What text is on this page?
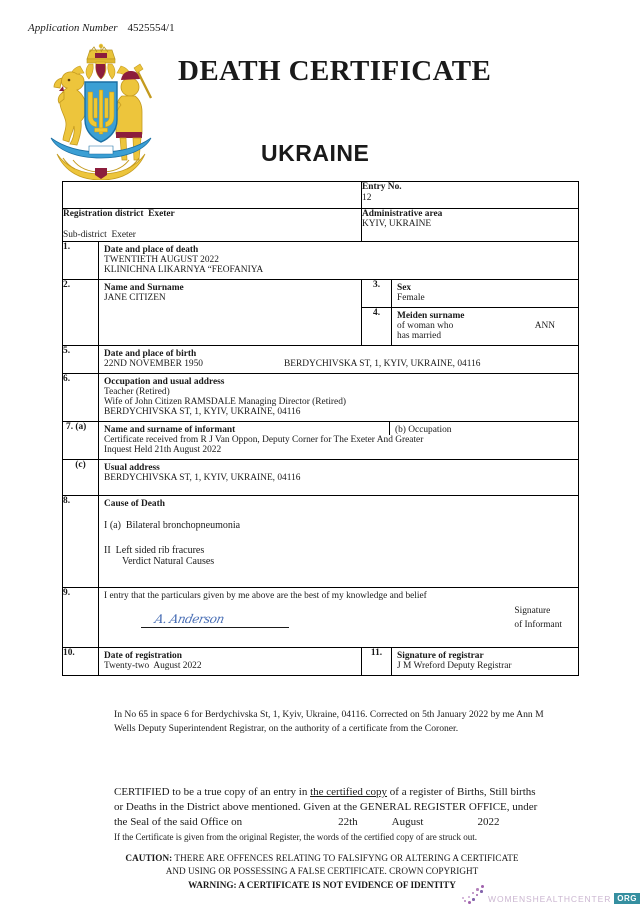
Application Number 4525554/1
DEATH CERTIFICATE
UKRAINE

		Entry No.
12	

Registration district Exeter
Sub-district Exeter

Administrative area
KYIV, UKRAINE

1.	Date and place of death
TWENTIETH AUGUST 2022
KLINICHNA LIKARNYA “FEOFANIYA		

2.	Name and Surname
JANE CITIZEN	3.	Sex
Female

		4.	Meiden surname
of woman who ANN
has married

5.	Date and place of birth
22ND NOVEMBER 1950 BERDYCHIVSKA ST, 1, KYIV, UKRAINE, 04116		

6.	Occupation and usual address
Teacher (Retired)
Wife of John Citizen RAMSDALE Managing Director (Retired)
BERDYCHIVSKA ST, 1, KYIV, UKRAINE, 04116		

7. (a)	Name and surname of informant (b) Occupation
Certificate received from R J Van Oppon, Deputy Corner for The Exeter And Greater
Inquest Held 21th August 2022		

(c)	Usual address
BERDYCHIVSKA ST, 1, KYIV, UKRAINE, 04116		

8.	Cause of Death
I (a)  Bilateral bronchopneumonia
II  Left sided rib fracures
Verdict Natural Causes		

9.	I entry that the particulars given by me above are the best of my knowledge and belief
A. Anderson
Signature
of Informant		

10.	Date of registration
Twenty-two  August 2022	11.	Signature of registrar
J M Wreford Deputy Registrar
In No 65 in space 6 for Berdychivska St, 1, Kyiv, Ukraine, 04116. Corrected on 5th January 2022 by me Ann M
Wells Deputy Superintendent Registrar, on the authority of a certificate from the Coroner.
CERTIFIED to be a true copy of an entry in the certified copy of a register of Births, Still births
or Deaths in the District above mentioned. Given at the GENERAL REGISTER OFFICE, under
the Seal of the said Office on	22th	August	2022
If the Certificate is given from the original Register, the words of the certified copy of are struck out.
CAUTION: THERE ARE OFFENCES RELATING TO FALSIFYNG OR ALTERING A CERTIFICATE
AND USING OR POSSESSING A FALSE CERTIFICATE. CROWN COPYRIGHT
WARNING: A CERTIFICATE IS NOT EVIDENCE OF IDENTITY
WOMENSHEALTHCENTER ORG
